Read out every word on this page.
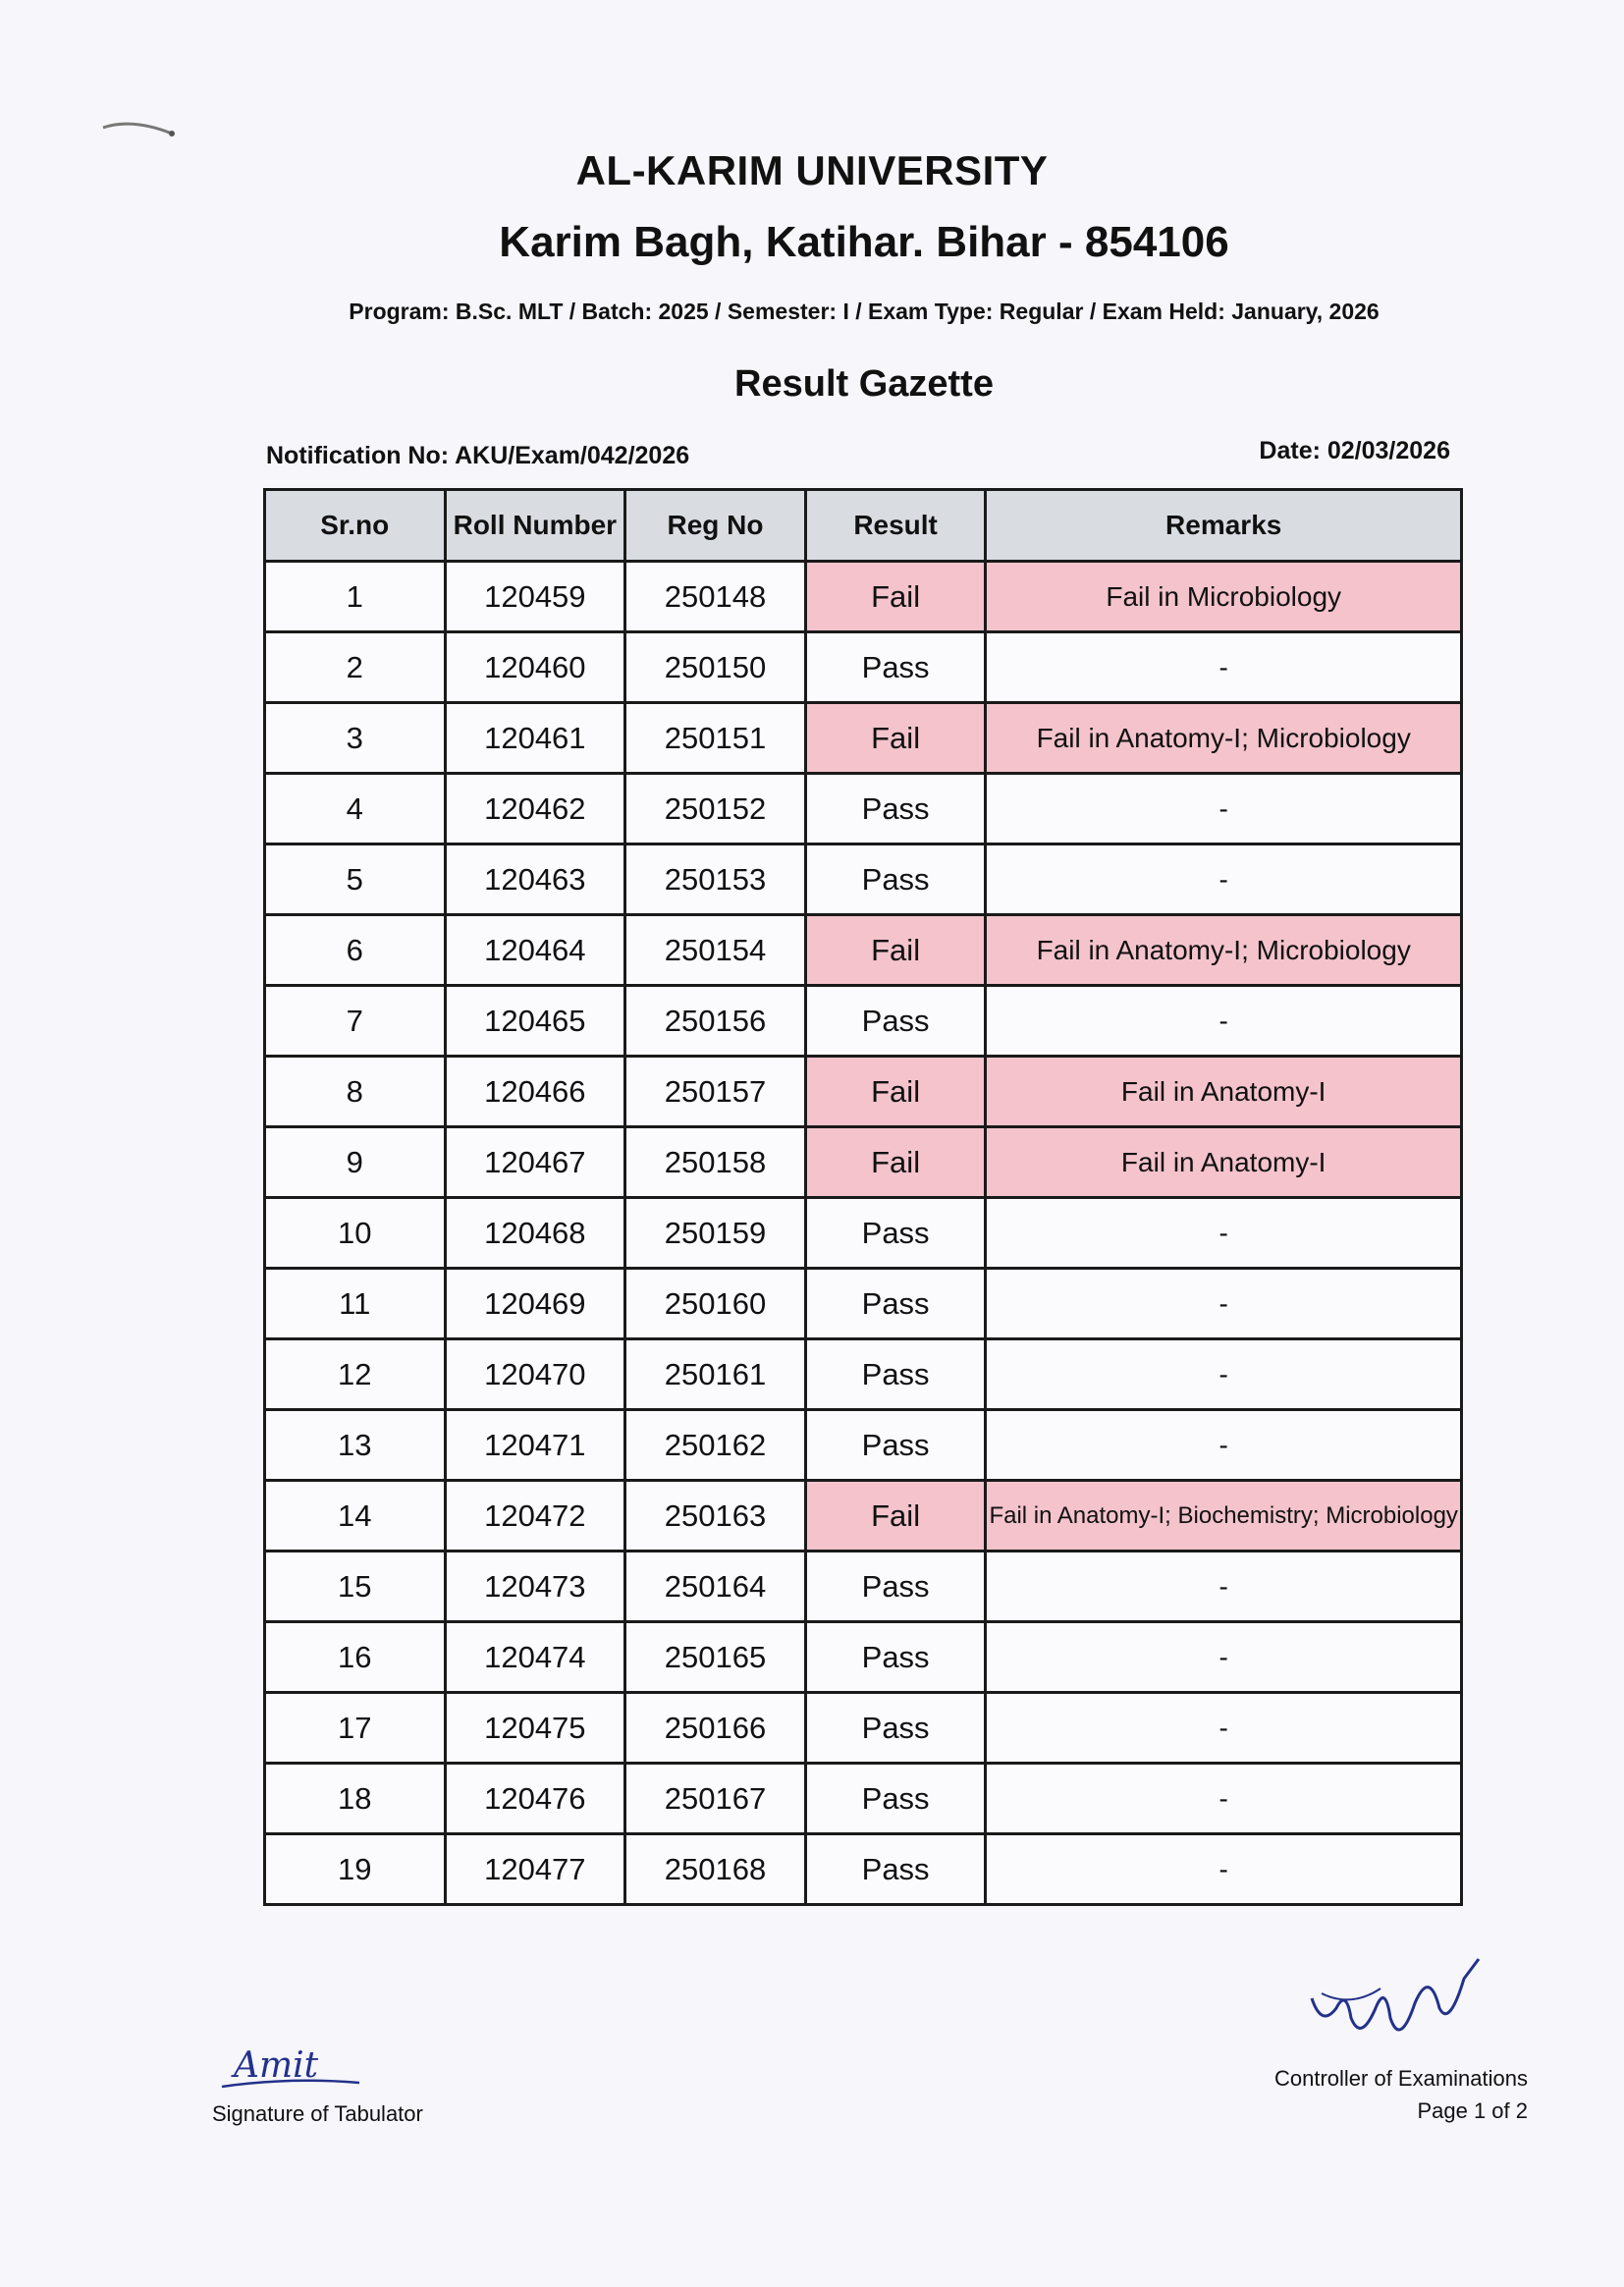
AL-KARIM UNIVERSITY
Karim Bagh, Katihar. Bihar - 854106
Program: B.Sc. MLT / Batch: 2025 / Semester: I / Exam Type: Regular / Exam Held: January, 2026
Result Gazette
Notification No: AKU/Exam/042/2026	Date: 02/03/2026
Sr.no	Roll Number	Reg No	Result	Remarks
1	120459	250148	Fail	Fail in Microbiology
2	120460	250150	Pass	-
3	120461	250151	Fail	Fail in Anatomy-I; Microbiology
4	120462	250152	Pass	-
5	120463	250153	Pass	-
6	120464	250154	Fail	Fail in Anatomy-I; Microbiology
7	120465	250156	Pass	-
8	120466	250157	Fail	Fail in Anatomy-I
9	120467	250158	Fail	Fail in Anatomy-I
10	120468	250159	Pass	-
11	120469	250160	Pass	-
12	120470	250161	Pass	-
13	120471	250162	Pass	-
14	120472	250163	Fail	Fail in Anatomy-I; Biochemistry; Microbiology
15	120473	250164	Pass	-
16	120474	250165	Pass	-
17	120475	250166	Pass	-
18	120476	250167	Pass	-
19	120477	250168	Pass	-
Amit
Signature of Tabulator
Controller of Examinations
Page 1 of 2
